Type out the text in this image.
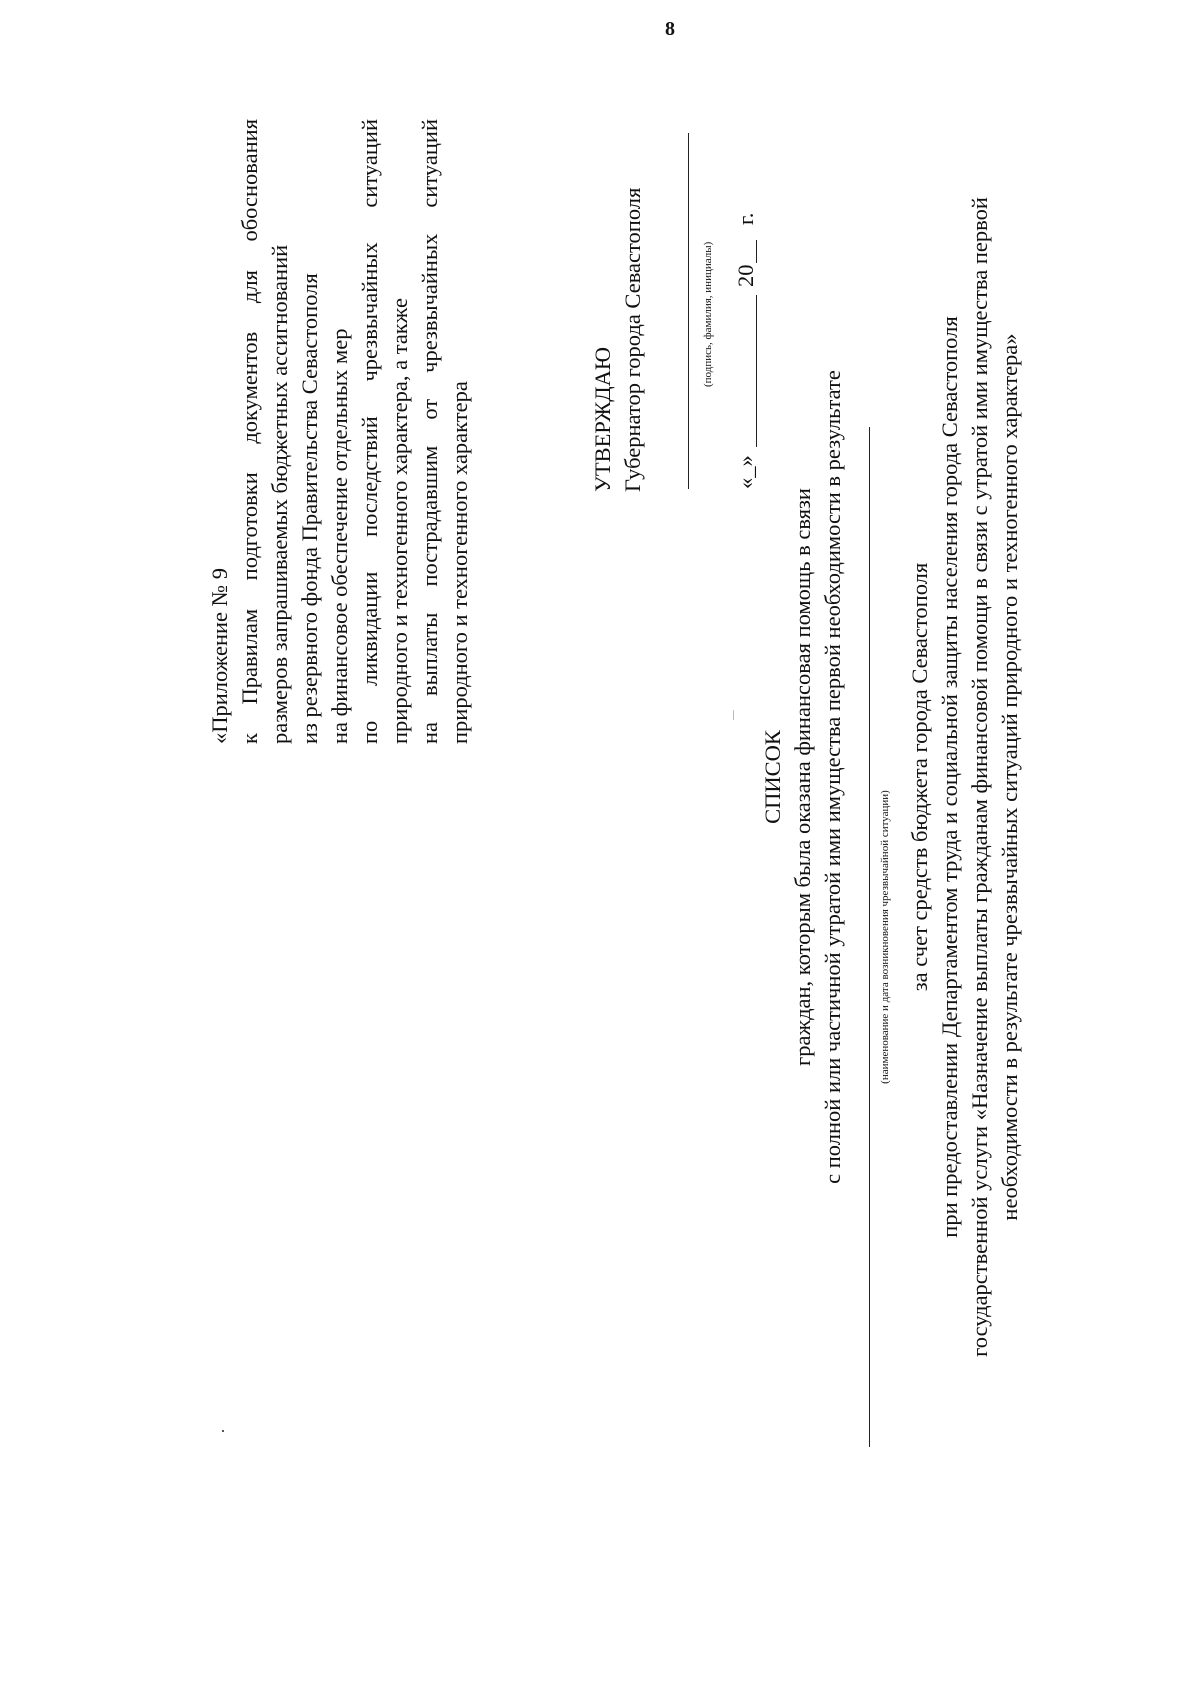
8
«Приложение № 9 к Правилам подготовки документов для обоснования размеров запрашиваемых бюджетных ассигнований из резервного фонда Правительства Севастополя на финансовое обеспечение отдельных мер по ликвидации последствий чрезвычайных ситуаций природного и техногенного характера, а также на выплаты пострадавшим от чрезвычайных ситуаций природного и техногенного характера	УТВЕРЖДАЮ Губернатор города Севастополя	(подпись, фамилия, инициалы)
«_»
20
г.
СПИСОК граждан, которым была оказана финансовая помощь в связи с полной или частичной утратой ими имущества первой необходимости в результате	(наименование и дата возникновения чрезвычайной ситуации) за счет средств бюджета города Севастополя при предоставлении Департаментом труда и социальной защиты населения города Севастополя государственной услуги «Назначение выплаты гражданам финансовой помощи в связи с утратой ими имущества первой необходимости в результате чрезвычайных ситуаций природного и техногенного характера»
